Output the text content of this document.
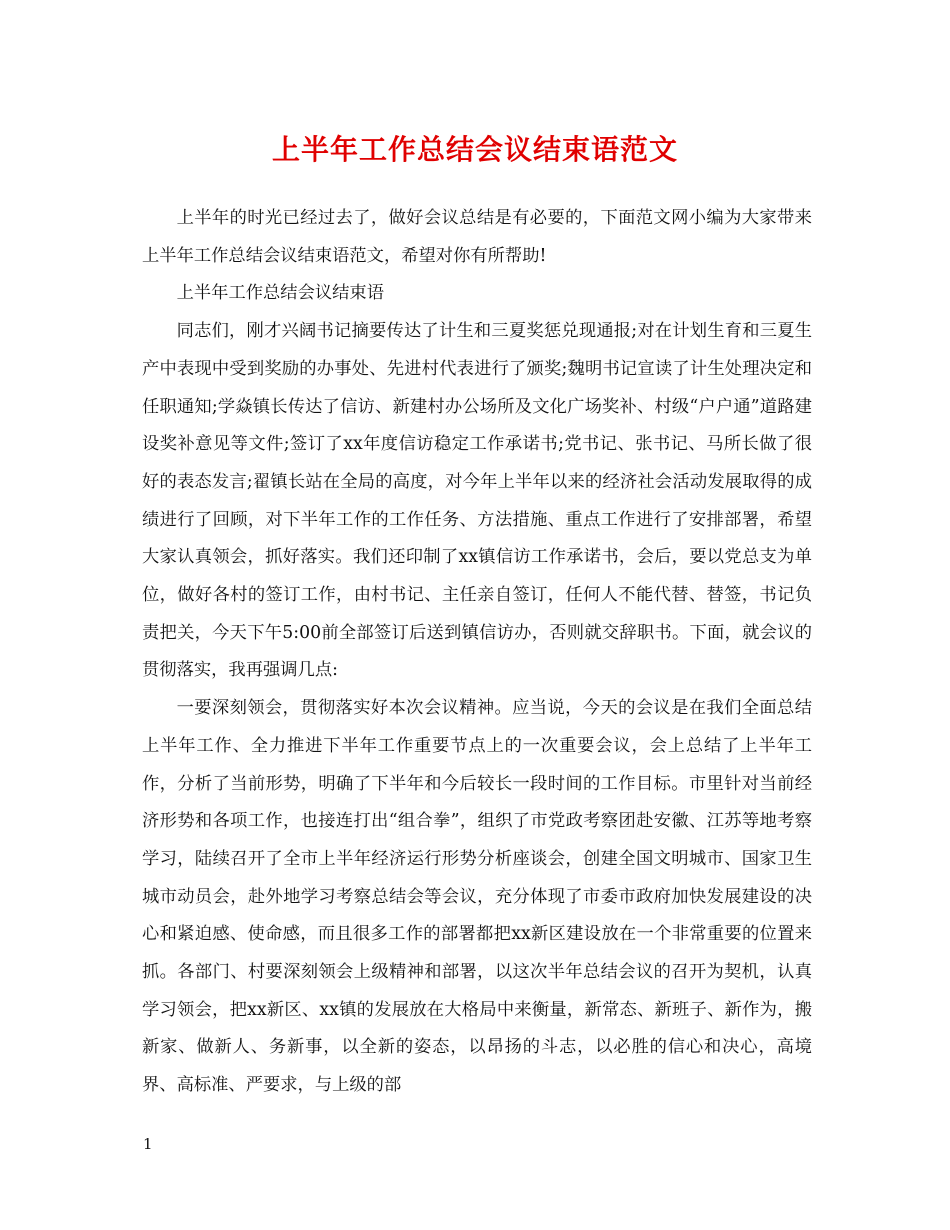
上半年工作总结会议结束语范文

上半年的时光已经过去了，做好会议总结是有必要的，下面范文网小编为大家带来上半年工作总结会议结束语范文，希望对你有所帮助!

上半年工作总结会议结束语

同志们，刚才兴阔书记摘要传达了计生和三夏奖惩兑现通报;对在计划生育和三夏生产中表现中受到奖励的办事处、先进村代表进行了颁奖;魏明书记宣读了计生处理决定和任职通知;学焱镇长传达了信访、新建村办公场所及文化广场奖补、村级“户户通”道路建设奖补意见等文件;签订了xx年度信访稳定工作承诺书;党书记、张书记、马所长做了很好的表态发言;翟镇长站在全局的高度，对今年上半年以来的经济社会活动发展取得的成绩进行了回顾，对下半年工作的工作任务、方法措施、重点工作进行了安排部署，希望大家认真领会，抓好落实。我们还印制了xx镇信访工作承诺书，会后，要以党总支为单位，做好各村的签订工作，由村书记、主任亲自签订，任何人不能代替、替签，书记负责把关，今天下午5:00前全部签订后送到镇信访办，否则就交辞职书。下面，就会议的贯彻落实，我再强调几点:

一要深刻领会，贯彻落实好本次会议精神。应当说，今天的会议是在我们全面总结上半年工作、全力推进下半年工作重要节点上的一次重要会议，会上总结了上半年工作，分析了当前形势，明确了下半年和今后较长一段时间的工作目标。市里针对当前经济形势和各项工作，也接连打出“组合拳”，组织了市党政考察团赴安徽、江苏等地考察学习，陆续召开了全市上半年经济运行形势分析座谈会，创建全国文明城市、国家卫生城市动员会，赴外地学习考察总结会等会议，充分体现了市委市政府加快发展建设的决心和紧迫感、使命感，而且很多工作的部署都把xx新区建设放在一个非常重要的位置来抓。各部门、村要深刻领会上级精神和部署，以这次半年总结会议的召开为契机，认真学习领会，把xx新区、xx镇的发展放在大格局中来衡量，新常态、新班子、新作为，搬新家、做新人、务新事，以全新的姿态，以昂扬的斗志，以必胜的信心和决心，高境界、高标准、严要求，与上级的部

1
